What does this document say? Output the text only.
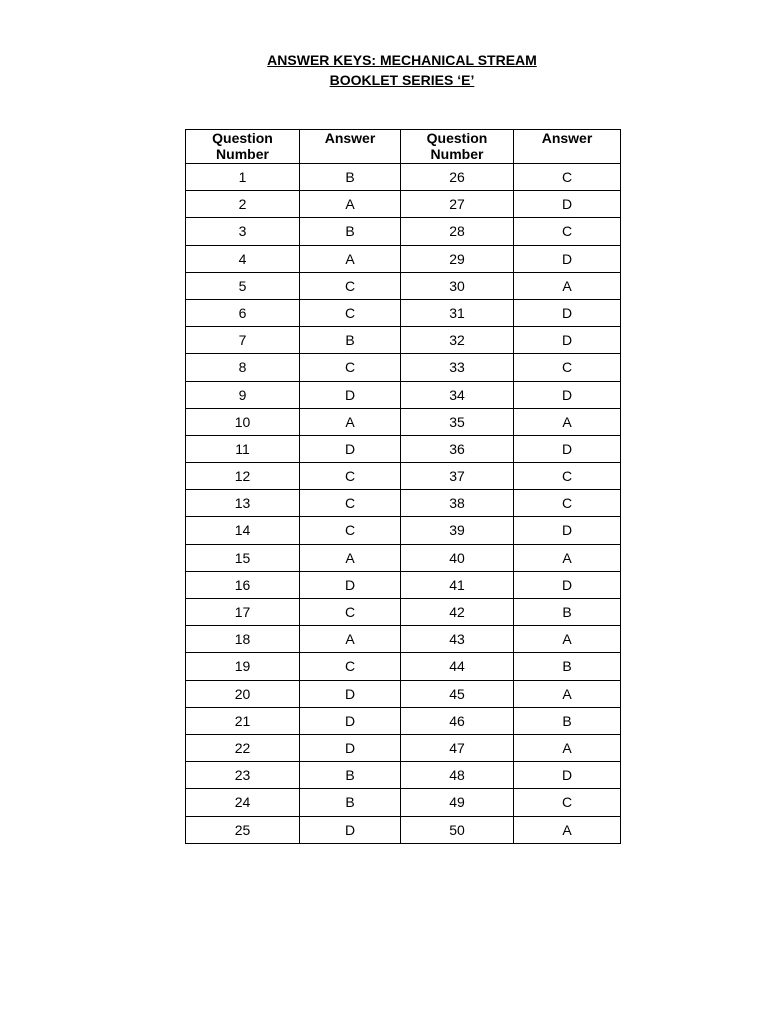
ANSWER KEYS: MECHANICAL STREAM

BOOKLET SERIES ‘E’

Question
Number	Answer	Question
Number	Answer
1	B	26	C
2	A	27	D
3	B	28	C
4	A	29	D
5	C	30	A
6	C	31	D
7	B	32	D
8	C	33	C
9	D	34	D
10	A	35	A
11	D	36	D
12	C	37	C
13	C	38	C
14	C	39	D
15	A	40	A
16	D	41	D
17	C	42	B
18	A	43	A
19	C	44	B
20	D	45	A
21	D	46	B
22	D	47	A
23	B	48	D
24	B	49	C
25	D	50	A
